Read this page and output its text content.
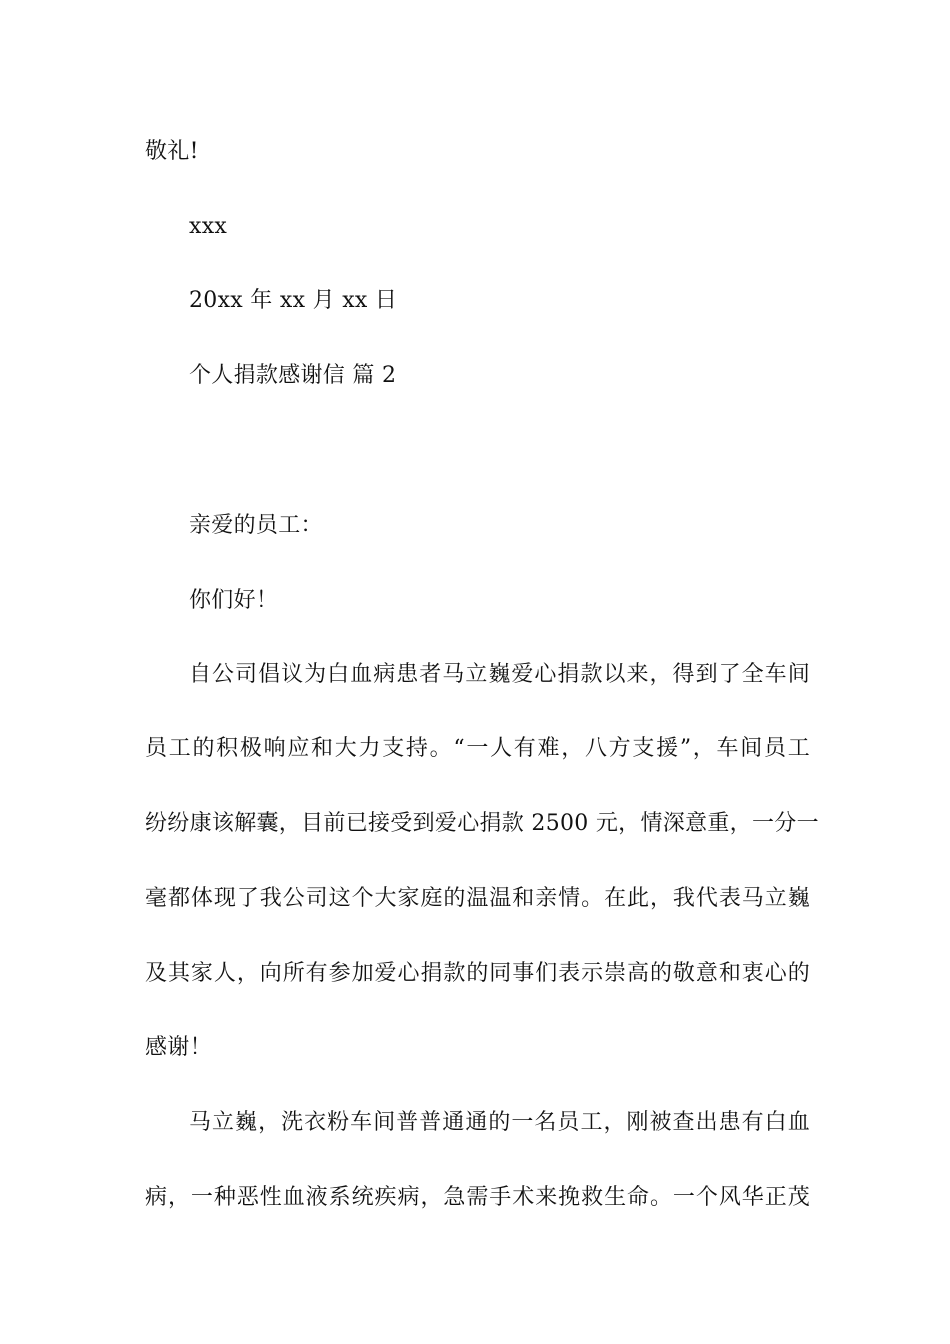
敬礼!
xxx
20xx 年 xx 月 xx 日
个人捐款感谢信 篇 2
亲爱的员工：
你们好！
自公司倡议为白血病患者马立巍爱心捐款以来，得到了全车间
员工的积极响应和大力支持。“一人有难，八方支援”，车间员工
纷纷康该解囊，目前已接受到爱心捐款 2500 元，情深意重，一分一
毫都体现了我公司这个大家庭的温温和亲情。在此，我代表马立巍
及其家人，向所有参加爱心捐款的同事们表示崇高的敬意和衷心的
感谢！
马立巍，洗衣粉车间普普通通的一名员工，刚被查出患有白血
病，一种恶性血液系统疾病，急需手术来挽救生命。一个风华正茂
